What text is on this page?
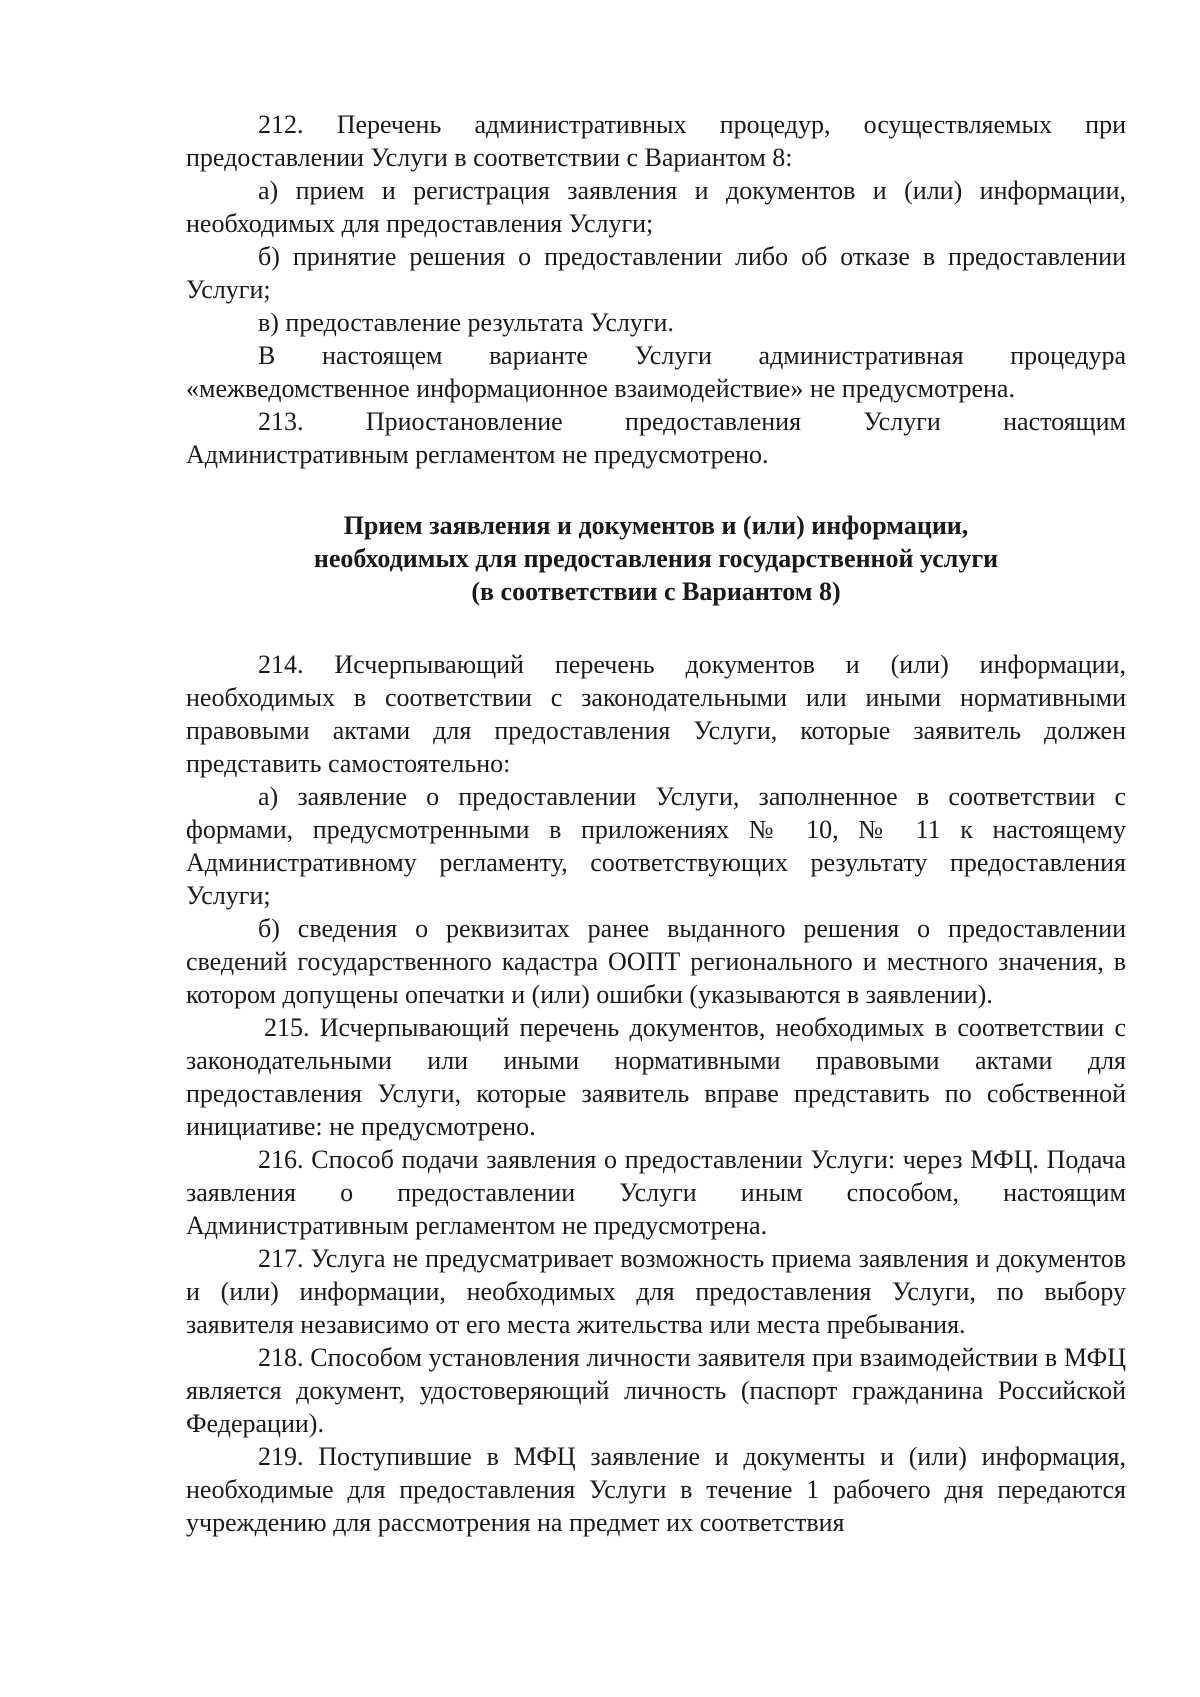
212. Перечень административных процедур, осуществляемых при предоставлении Услуги в соответствии с Вариантом 8:

а) прием и регистрация заявления и документов и (или) информации, необходимых для предоставления Услуги;

б) принятие решения о предоставлении либо об отказе в предоставлении Услуги;

в) предоставление результата Услуги.

В настоящем варианте Услуги административная процедура «межведомственное информационное взаимодействие» не предусмотрена.

213. Приостановление предоставления Услуги настоящим Административным регламентом не предусмотрено.

Прием заявления и документов и (или) информации,
необходимых для предоставления государственной услуги
(в соответствии с Вариантом 8)

214. Исчерпывающий перечень документов и (или) информации, необходимых в соответствии с законодательными или иными нормативными правовыми актами для предоставления Услуги, которые заявитель должен представить самостоятельно:

а) заявление о предоставлении Услуги, заполненное в соответствии с формами, предусмотренными в приложениях № 10, № 11 к настоящему Административному регламенту, соответствующих результату предоставления Услуги;

б) сведения о реквизитах ранее выданного решения о предоставлении сведений государственного кадастра ООПТ регионального и местного значения, в котором допущены опечатки и (или) ошибки (указываются в заявлении).

215. Исчерпывающий перечень документов, необходимых в соответствии с законодательными или иными нормативными правовыми актами для предоставления Услуги, которые заявитель вправе представить по собственной инициативе: не предусмотрено.

216. Способ подачи заявления о предоставлении Услуги: через МФЦ. Подача заявления о предоставлении Услуги иным способом, настоящим Административным регламентом не предусмотрена.

217. Услуга не предусматривает возможность приема заявления и документов и (или) информации, необходимых для предоставления Услуги, по выбору заявителя независимо от его места жительства или места пребывания.

218. Способом установления личности заявителя при взаимодействии в МФЦ является документ, удостоверяющий личность (паспорт гражданина Российской Федерации).

219. Поступившие в МФЦ заявление и документы и (или) информация, необходимые для предоставления Услуги в течение 1 рабочего дня передаются учреждению для рассмотрения на предмет их соответствия
